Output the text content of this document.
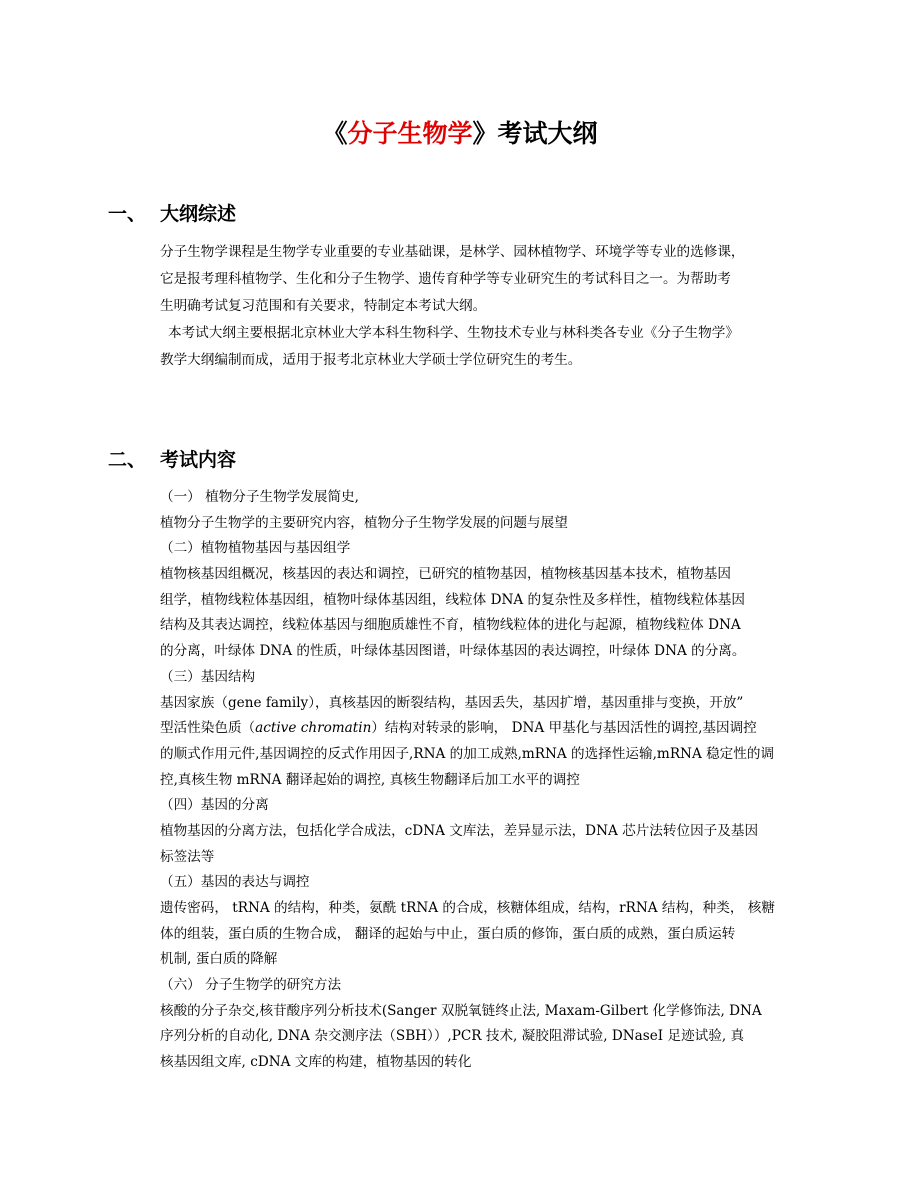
《分子生物学》考试大纲
一、 大纲综述
分子生物学课程是生物学专业重要的专业基础课，是林学、园林植物学、环境学等专业的选修课，
它是报考理科植物学、生化和分子生物学、遗传育种学等专业研究生的考试科目之一。为帮助考
生明确考试复习范围和有关要求，特制定本考试大纲。
本考试大纲主要根据北京林业大学本科生物科学、生物技术专业与林科类各专业《分子生物学》
教学大纲编制而成，适用于报考北京林业大学硕士学位研究生的考生。
二、 考试内容
（一） 植物分子生物学发展简史,
植物分子生物学的主要研究内容，植物分子生物学发展的问题与展望
（二）植物植物基因与基因组学
植物核基因组概况，核基因的表达和调控，已研究的植物基因，植物核基因基本技术，植物基因
组学，植物线粒体基因组，植物叶绿体基因组，线粒体 DNA 的复杂性及多样性，植物线粒体基因
结构及其表达调控，线粒体基因与细胞质雄性不育，植物线粒体的进化与起源，植物线粒体 DNA
的分离，叶绿体 DNA 的性质，叶绿体基因图谱，叶绿体基因的表达调控，叶绿体 DNA 的分离。
（三）基因结构
基因家族（gene family），真核基因的断裂结构，基因丢失，基因扩增，基因重排与变换，开放”
型活性染色质（active chromatin）结构对转录的影响， DNA 甲基化与基因活性的调控,基因调控
的顺式作用元件,基因调控的反式作用因子,RNA 的加工成熟,mRNA 的选择性运输,mRNA 稳定性的调
控,真核生物 mRNA 翻译起始的调控, 真核生物翻译后加工水平的调控
（四）基因的分离
植物基因的分离方法，包括化学合成法，cDNA 文库法，差异显示法，DNA 芯片法转位因子及基因
标签法等
（五）基因的表达与调控
遗传密码， tRNA 的结构，种类，氨酰 tRNA 的合成，核糖体组成，结构，rRNA 结构，种类， 核糖
体的组装，蛋白质的生物合成， 翻译的起始与中止，蛋白质的修饰，蛋白质的成熟，蛋白质运转
机制, 蛋白质的降解
（六） 分子生物学的研究方法
核酸的分子杂交,核苷酸序列分析技术(Sanger 双脱氧链终止法, Maxam-Gilbert 化学修饰法, DNA
序列分析的自动化, DNA 杂交测序法（SBH））,PCR 技术, 凝胶阻滞试验, DNaseI 足迹试验, 真
核基因组文库, cDNA 文库的构建，植物基因的转化
